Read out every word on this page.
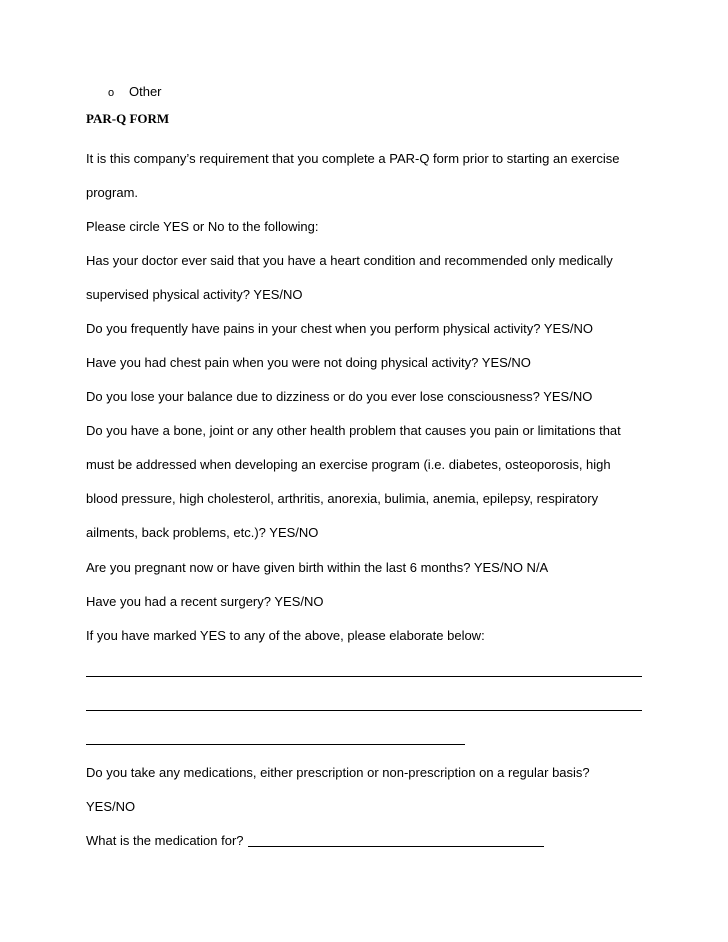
o Other
PAR-Q FORM
It is this company’s requirement that you complete a PAR-Q form prior to starting an exercise
program.
Please circle YES or No to the following:
Has your doctor ever said that you have a heart condition and recommended only medically
supervised physical activity? YES/NO
Do you frequently have pains in your chest when you perform physical activity? YES/NO
Have you had chest pain when you were not doing physical activity? YES/NO
Do you lose your balance due to dizziness or do you ever lose consciousness? YES/NO
Do you have a bone, joint or any other health problem that causes you pain or limitations that
must be addressed when developing an exercise program (i.e. diabetes, osteoporosis, high
blood pressure, high cholesterol, arthritis, anorexia, bulimia, anemia, epilepsy, respiratory
ailments, back problems, etc.)? YES/NO
Are you pregnant now or have given birth within the last 6 months? YES/NO N/A
Have you had a recent surgery? YES/NO
If you have marked YES to any of the above, please elaborate below:
Do you take any medications, either prescription or non-prescription on a regular basis?
YES/NO
What is the medication for?
